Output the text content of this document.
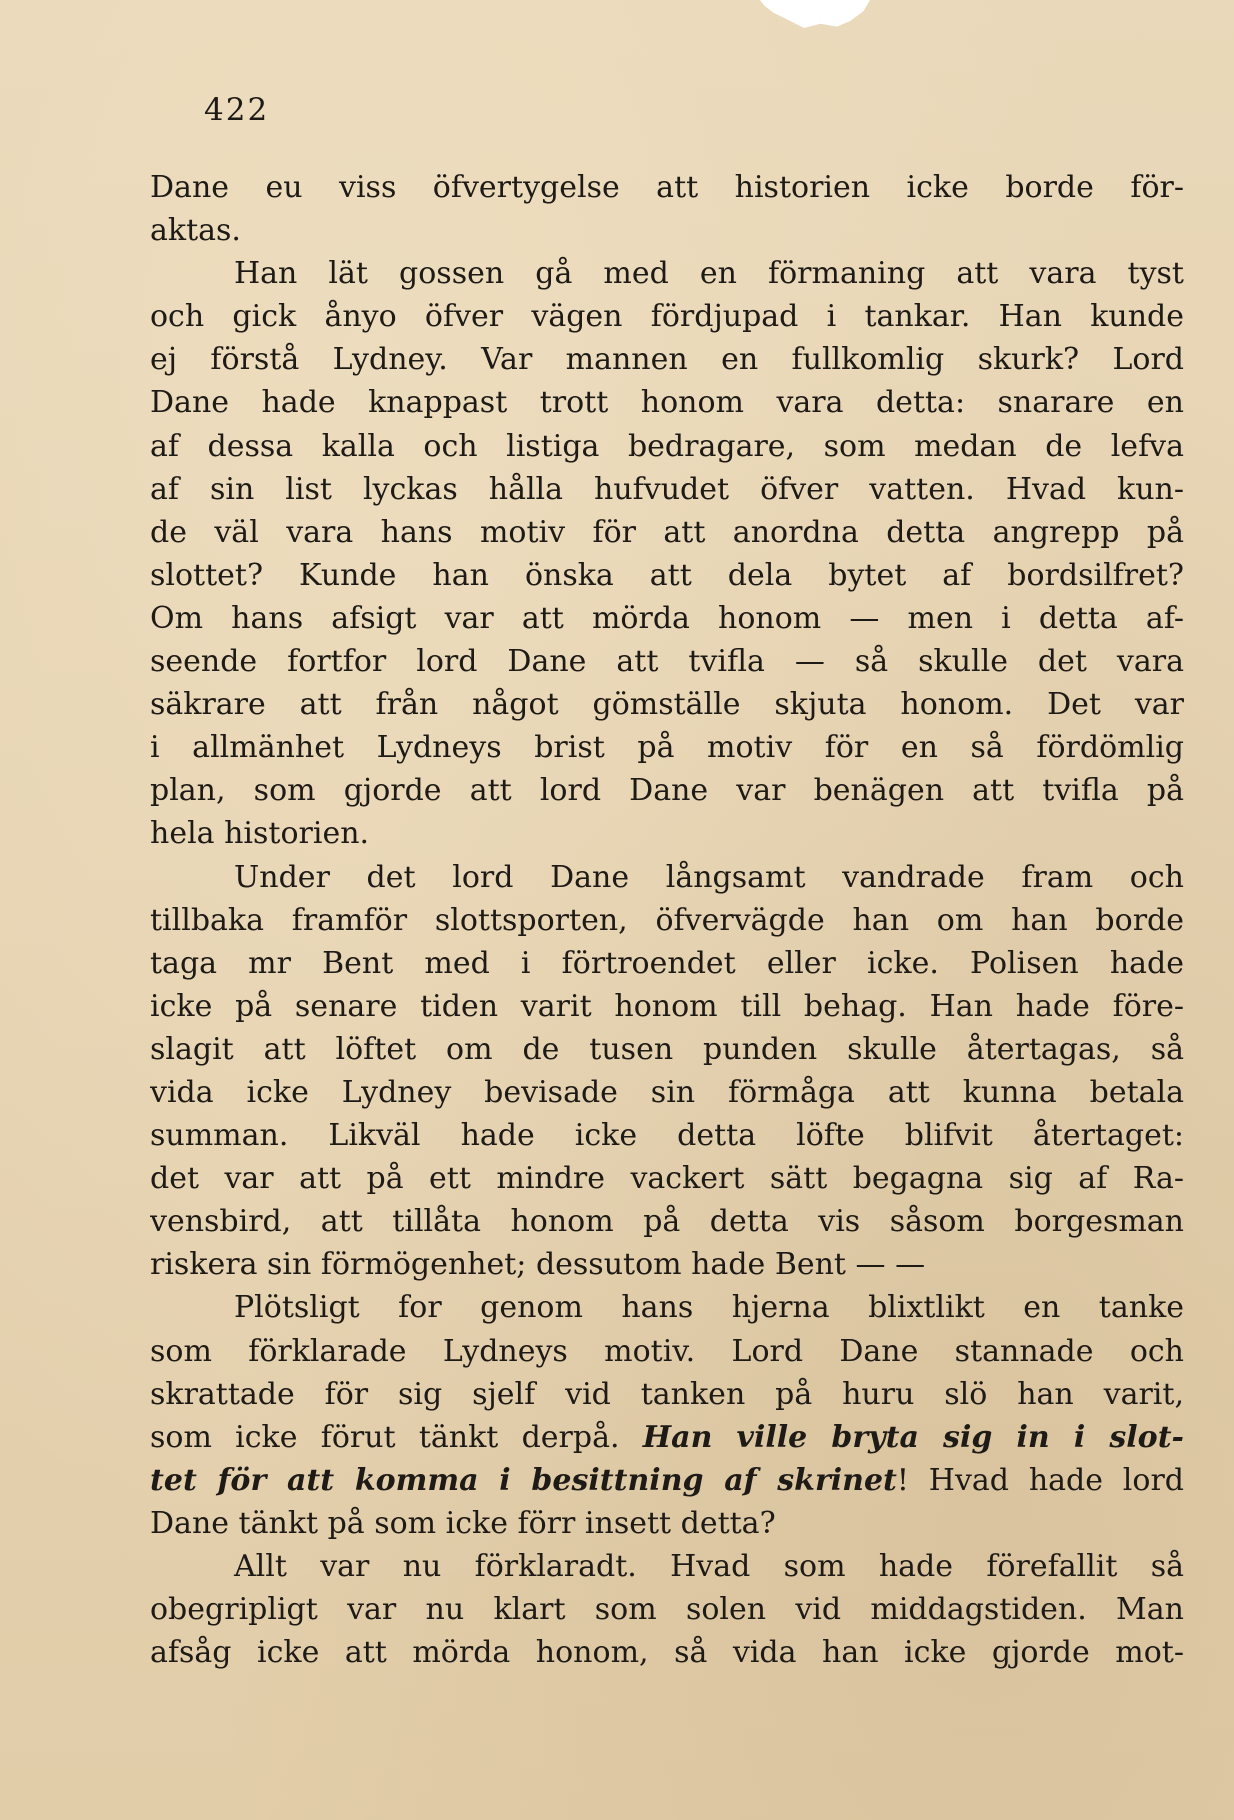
422
Dane eu viss öfvertygelse att historien icke borde för-
aktas.
Han lät gossen gå med en förmaning att vara tyst
och gick ånyo öfver vägen fördjupad i tankar. Han kunde
ej förstå Lydney. Var mannen en fullkomlig skurk? Lord
Dane hade knappast trott honom vara detta: snarare en
af dessa kalla och listiga bedragare, som medan de lefva
af sin list lyckas hålla hufvudet öfver vatten. Hvad kun-
de väl vara hans motiv för att anordna detta angrepp på
slottet? Kunde han önska att dela bytet af bordsilfret?
Om hans afsigt var att mörda honom — men i detta af-
seende fortfor lord Dane att tvifla — så skulle det vara
säkrare att från något gömställe skjuta honom. Det var
i allmänhet Lydneys brist på motiv för en så fördömlig
plan, som gjorde att lord Dane var benägen att tvifla på
hela historien.
Under det lord Dane långsamt vandrade fram och
tillbaka framför slottsporten, öfvervägde han om han borde
taga mr Bent med i förtroendet eller icke. Polisen hade
icke på senare tiden varit honom till behag. Han hade före-
slagit att löftet om de tusen punden skulle återtagas, så
vida icke Lydney bevisade sin förmåga att kunna betala
summan. Likväl hade icke detta löfte blifvit återtaget:
det var att på ett mindre vackert sätt begagna sig af Ra-
vensbird, att tillåta honom på detta vis såsom borgesman
riskera sin förmögenhet; dessutom hade Bent — —
Plötsligt for genom hans hjerna blixtlikt en tanke
som förklarade Lydneys motiv. Lord Dane stannade och
skrattade för sig sjelf vid tanken på huru slö han varit,
som icke förut tänkt derpå. Han ville bryta sig in i slot-
tet för att komma i besittning af skrinet! Hvad hade lord
Dane tänkt på som icke förr insett detta?
Allt var nu förklaradt. Hvad som hade förefallit så
obegripligt var nu klart som solen vid middagstiden. Man
afsåg icke att mörda honom, så vida han icke gjorde mot-
